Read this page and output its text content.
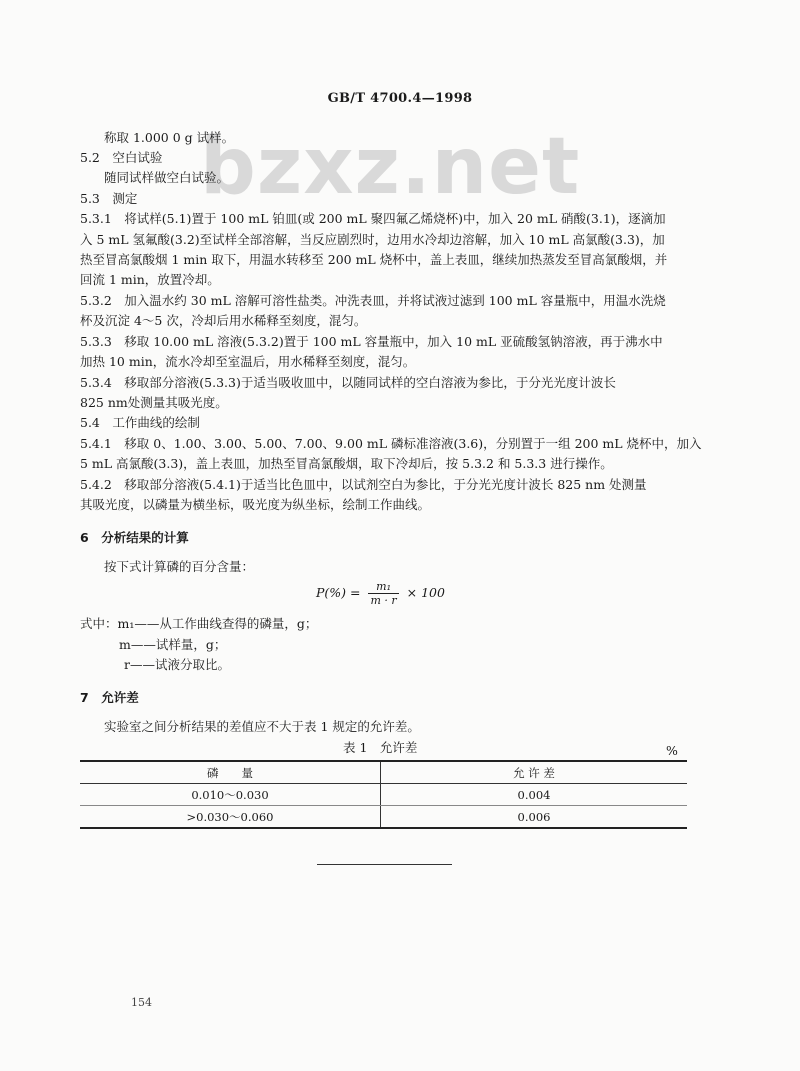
GB/T 4700.4—1998
bzxz.net
称取 1.000 0 g 试样。
5.2　空白试验
随同试样做空白试验。
5.3　测定
5.3.1　将试样(5.1)置于 100 mL 铂皿(或 200 mL 聚四氟乙烯烧杯)中，加入 20 mL 硝酸(3.1)，逐滴加
入 5 mL 氢氟酸(3.2)至试样全部溶解，当反应剧烈时，边用水冷却边溶解，加入 10 mL 高氯酸(3.3)，加
热至冒高氯酸烟 1 min 取下，用温水转移至 200 mL 烧杯中，盖上表皿，继续加热蒸发至冒高氯酸烟，并
回流 1 min，放置冷却。
5.3.2　加入温水约 30 mL 溶解可溶性盐类。冲洗表皿，并将试液过滤到 100 mL 容量瓶中，用温水洗烧
杯及沉淀 4～5 次，冷却后用水稀释至刻度，混匀。
5.3.3　移取 10.00 mL 溶液(5.3.2)置于 100 mL 容量瓶中，加入 10 mL 亚硫酸氢钠溶液，再于沸水中
加热 10 min，流水冷却至室温后，用水稀释至刻度，混匀。
5.3.4　移取部分溶液(5.3.3)于适当吸收皿中，以随同试样的空白溶液为参比，于分光光度计波长
825 nm处测量其吸光度。
5.4　工作曲线的绘制
5.4.1　移取 0、1.00、3.00、5.00、7.00、9.00 mL 磷标准溶液(3.6)，分别置于一组 200 mL 烧杯中，加入
5 mL 高氯酸(3.3)，盖上表皿，加热至冒高氯酸烟，取下冷却后，按 5.3.2 和 5.3.3 进行操作。
5.4.2　移取部分溶液(5.4.1)于适当比色皿中，以试剂空白为参比，于分光光度计波长 825 nm 处测量
其吸光度，以磷量为横坐标，吸光度为纵坐标，绘制工作曲线。
6　分析结果的计算
按下式计算磷的百分含量：
$P(\%) = \frac{\text{m₁}}{m \cdot r} \times 100$
式中：m₁——从工作曲线查得的磷量，g；
m——试样量，g；
r——试液分取比。
7　允许差
实验室之间分析结果的差值应不大于表 1 规定的允许差。
表 1　允许差	%
磷　　量	允 许 差
0.010～0.030	0.004
>0.030～0.060	0.006
154
